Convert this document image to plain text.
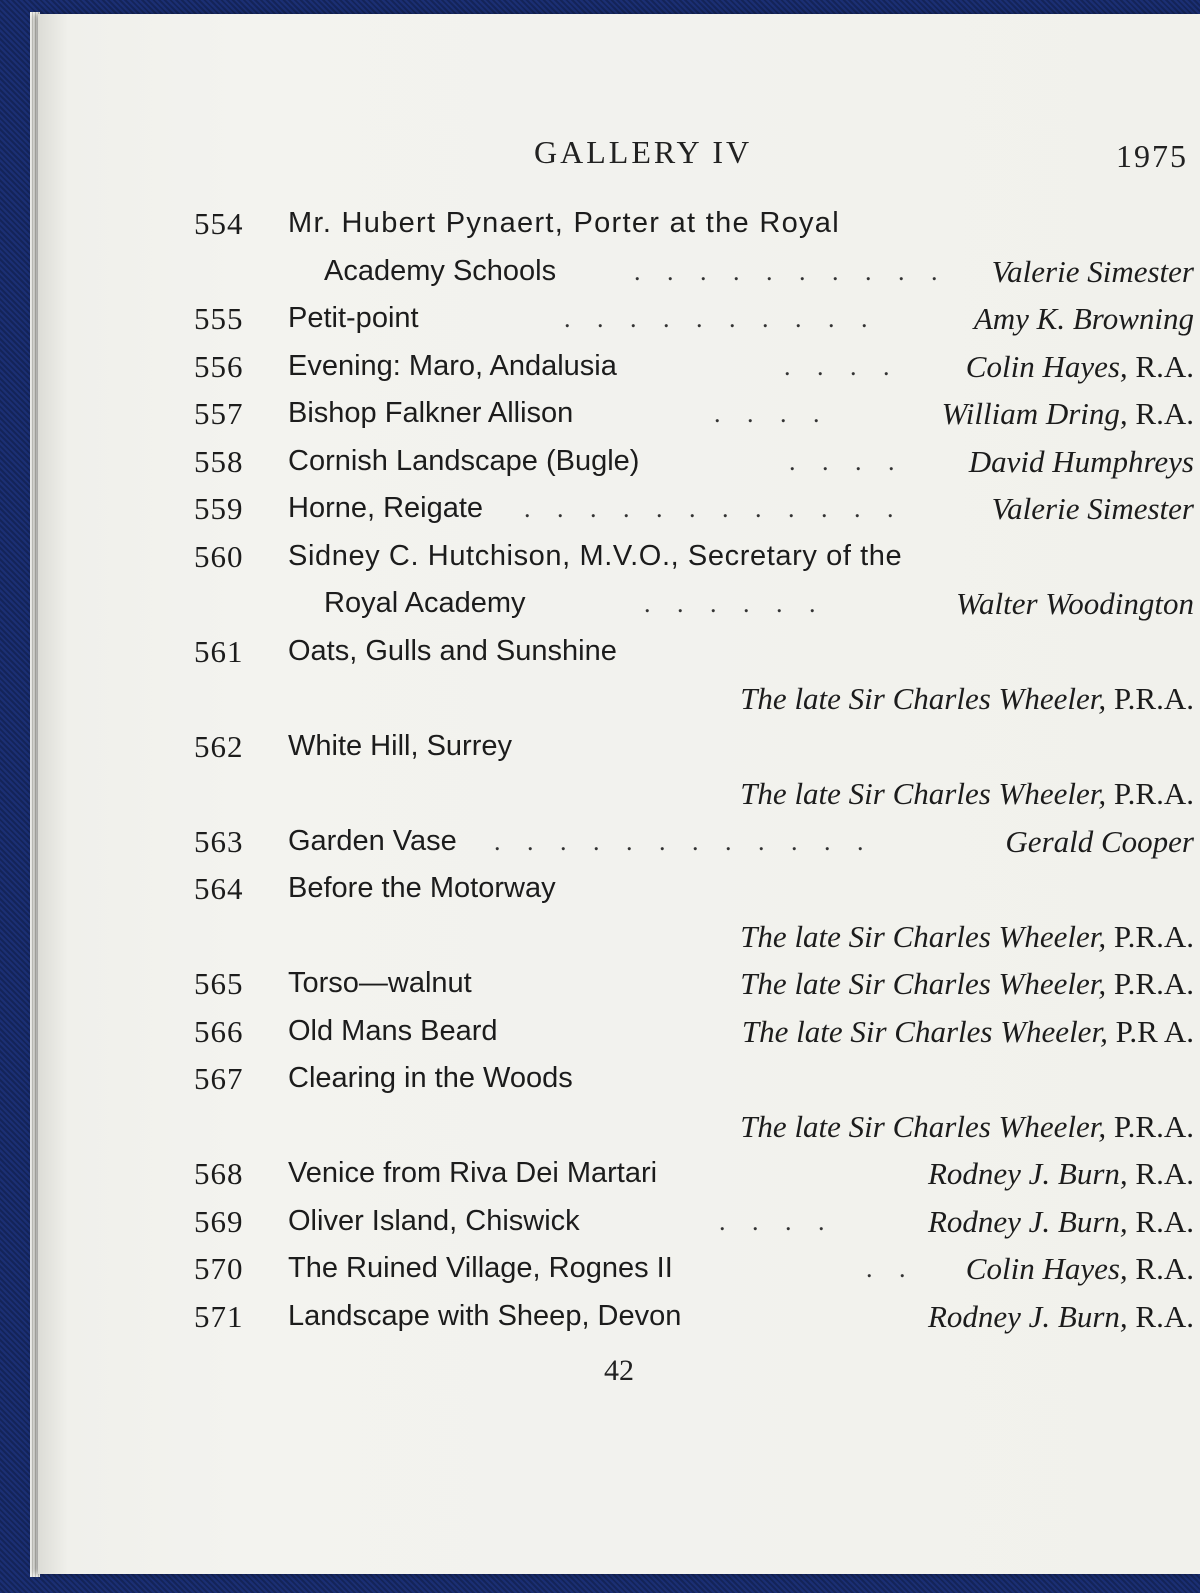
GALLERY IV	1975
554	Mr. Hubert Pynaert, Porter at the Royal
Academy Schools	. . . . . . . . . . Valerie Simester
555	Petit-point	. . . . . . . . . .	Amy K. Browning
556	Evening: Maro, Andalusia	. . . . Colin Hayes, R.A.
557	Bishop Falkner Allison	. . . .	William Dring, R.A.
558	Cornish Landscape (Bugle)	. . . . David Humphreys
559	Horne, Reigate . . . . . . . . . . . .	Valerie Simester
560	Sidney C. Hutchison, M.V.O., Secretary of the
Royal Academy	. . . . . .	Walter Woodington
561	Oats, Gulls and Sunshine
The late Sir Charles Wheeler, P.R.A.
562	White Hill, Surrey
The late Sir Charles Wheeler, P.R.A.
563	Garden Vase . . . . . . . . . . . .	Gerald Cooper
564	Before the Motorway
The late Sir Charles Wheeler, P.R.A.
565	Torso—walnut	The late Sir Charles Wheeler, P.R.A.
566	Old Mans Beard	The late Sir Charles Wheeler, P.R A.
567	Clearing in the Woods
The late Sir Charles Wheeler, P.R.A.
568	Venice from Riva Dei Martari	Rodney J. Burn, R.A.
569	Oliver Island, Chiswick	. . . .	Rodney J. Burn, R.A.
570	The Ruined Village, Rognes II	. . Colin Hayes, R.A.
571	Landscape with Sheep, Devon	Rodney J. Burn, R.A.
42
